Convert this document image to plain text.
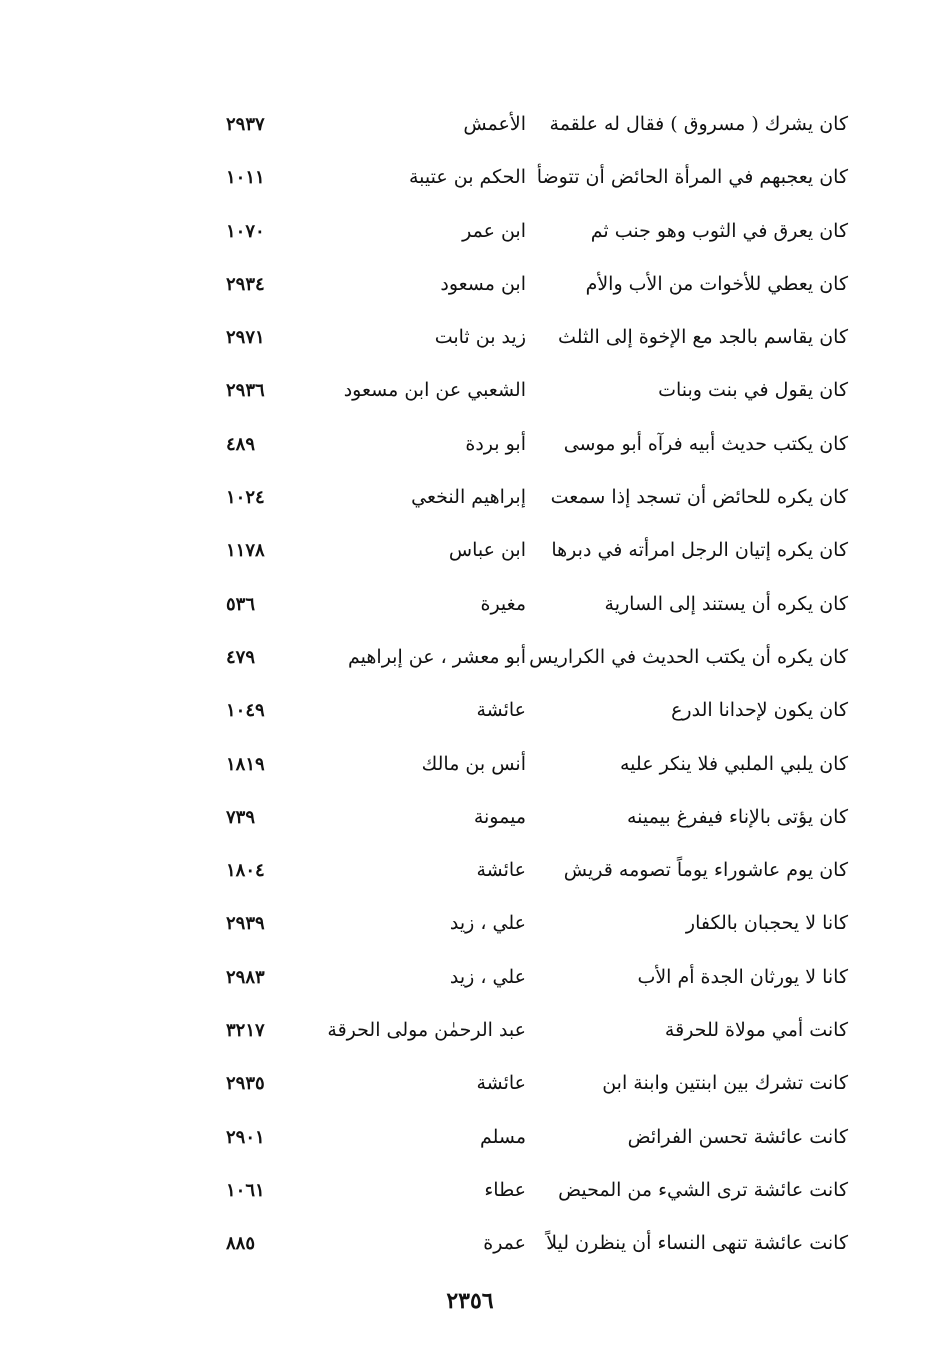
كان يشرك ( مسروق ) فقال له علقمة
الأعمش
٢٩٣٧
كان يعجبهم في المرأة الحائض أن تتوضأ
الحكم بن عتيبة
١٠١١
كان يعرق في الثوب وهو جنب ثم
ابن عمر
١٠٧٠
كان يعطي للأخوات من الأب والأم
ابن مسعود
٢٩٣٤
كان يقاسم بالجد مع الإخوة إلى الثلث
زيد بن ثابت
٢٩٧١
كان يقول في بنت وبنات
الشعبي عن ابن مسعود
٢٩٣٦
كان يكتب حديث أبيه فرآه أبو موسى
أبو بردة
٤٨٩
كان يكره للحائض أن تسجد إذا سمعت
إبراهيم النخعي
١٠٢٤
كان يكره إتيان الرجل امرأته في دبرها
ابن عباس
١١٧٨
كان يكره أن يستند إلى السارية
مغيرة
٥٣٦
كان يكره أن يكتب الحديث في الكراريس
أبو معشر ، عن إبراهيم
٤٧٩
كان يكون لإحدانا الدرع
عائشة
١٠٤٩
كان يلبي الملبي فلا ينكر عليه
أنس بن مالك
١٨١٩
كان يؤتى بالإناء فيفرغ بيمينه
ميمونة
٧٣٩
كان يوم عاشوراء يوماً تصومه قريش
عائشة
١٨٠٤
كانا لا يحجبان بالكفار
علي ، زيد
٢٩٣٩
كانا لا يورثان الجدة أم الأب
علي ، زيد
٢٩٨٣
كانت أمي مولاة للحرقة
عبد الرحمٰن مولى الحرقة
٣٢١٧
كانت تشرك بين ابنتين وابنة ابن
عائشة
٢٩٣٥
كانت عائشة تحسن الفرائض
مسلم
٢٩٠١
كانت عائشة ترى الشيء من المحيض
عطاء
١٠٦١
كانت عائشة تنهى النساء أن ينظرن ليلاً
عمرة
٨٨٥
٢٣٥٦
